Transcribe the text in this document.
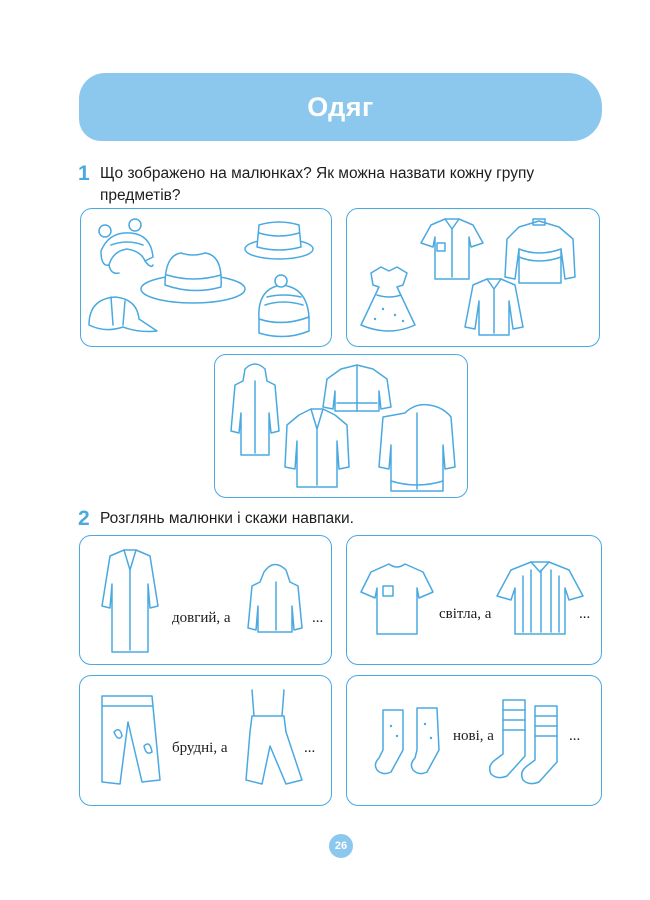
Одяг
1 Що зображено на малюнках? Як можна назвати кожну групу предметів?
2 Розглянь малюнки і скажи навпаки.
довгий, а	...	світла, а	...
брудні, а	...
нові, а	...
26
